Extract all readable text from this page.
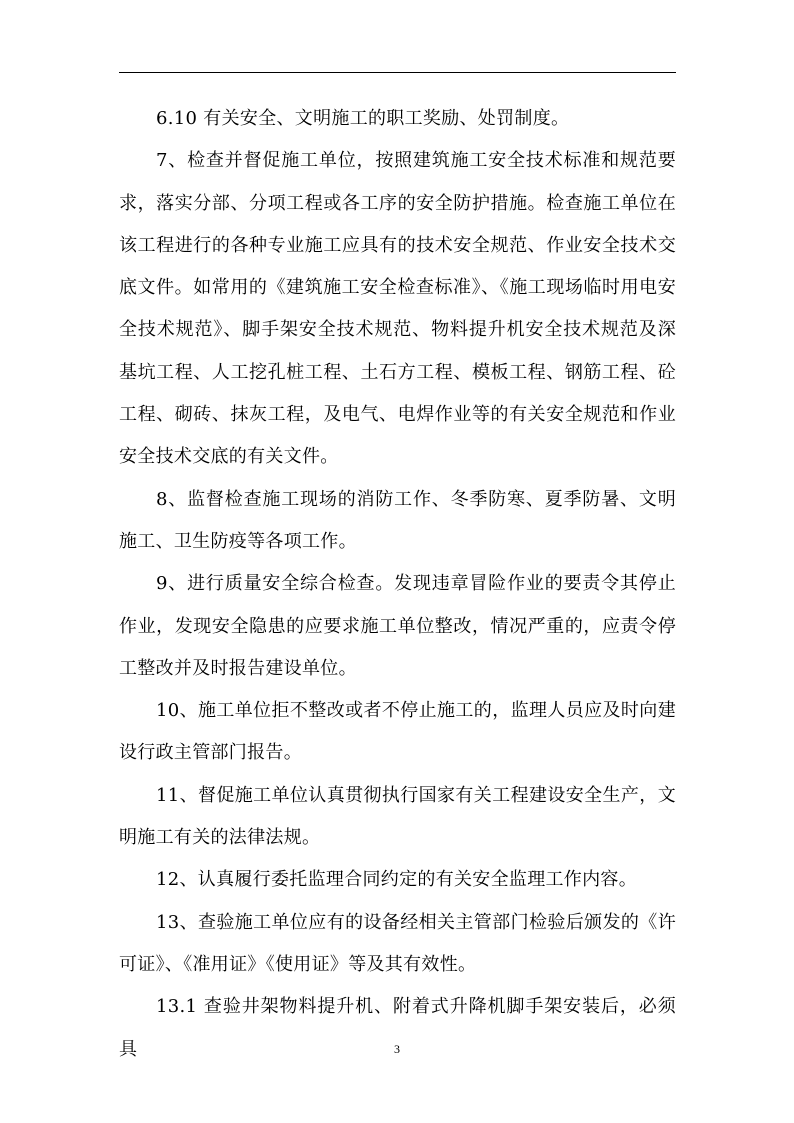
6.10 有关安全、文明施工的职工奖励、处罚制度。

7、检查并督促施工单位，按照建筑施工安全技术标准和规范要求，落实分部、分项工程或各工序的安全防护措施。检查施工单位在该工程进行的各种专业施工应具有的技术安全规范、作业安全技术交底文件。如常用的《建筑施工安全检查标准》、《施工现场临时用电安全技术规范》、脚手架安全技术规范、物料提升机安全技术规范及深基坑工程、人工挖孔桩工程、土石方工程、模板工程、钢筋工程、砼工程、砌砖、抹灰工程，及电气、电焊作业等的有关安全规范和作业安全技术交底的有关文件。

8、监督检查施工现场的消防工作、冬季防寒、夏季防暑、文明施工、卫生防疫等各项工作。

9、进行质量安全综合检查。发现违章冒险作业的要责令其停止作业，发现安全隐患的应要求施工单位整改，情况严重的，应责令停工整改并及时报告建设单位。

10、施工单位拒不整改或者不停止施工的，监理人员应及时向建设行政主管部门报告。

11、督促施工单位认真贯彻执行国家有关工程建设安全生产，文明施工有关的法律法规。

12、认真履行委托监理合同约定的有关安全监理工作内容。

13、查验施工单位应有的设备经相关主管部门检验后颁发的《许可证》、《准用证》《使用证》等及其有效性。

13.1 查验井架物料提升机、附着式升降机脚手架安装后，必须具	3
